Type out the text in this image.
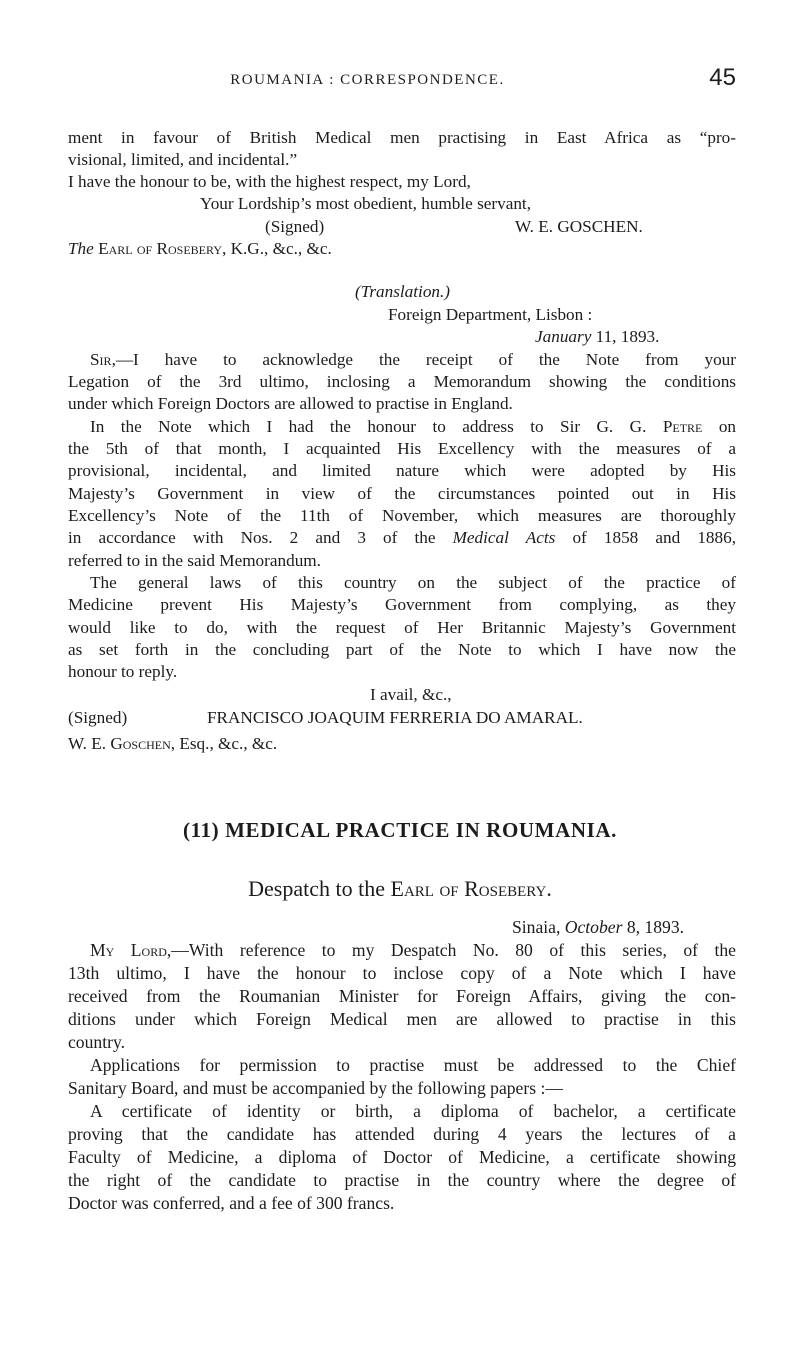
ROUMANIA : CORRESPONDENCE.	45
ment in favour of British Medical men practising in East Africa as “pro-
visional, limited, and incidental.”
I have the honour to be, with the highest respect, my Lord,
Your Lordship’s most obedient, humble servant,
(Signed)	W. E. GOSCHEN.
The Earl of Rosebery, K.G., &c., &c.
(Translation.)
Foreign Department, Lisbon :
January 11, 1893.
Sir,—I have to acknowledge the receipt of the Note from your
Legation of the 3rd ultimo, inclosing a Memorandum showing the conditions
under which Foreign Doctors are allowed to practise in England.
In the Note which I had the honour to address to Sir G. G. Petre on
the 5th of that month, I acquainted His Excellency with the measures of a
provisional, incidental, and limited nature which were adopted by His
Majesty’s Government in view of the circumstances pointed out in His
Excellency’s Note of the 11th of November, which measures are thoroughly
in accordance with Nos. 2 and 3 of the Medical Acts of 1858 and 1886,
referred to in the said Memorandum.
The general laws of this country on the subject of the practice of
Medicine prevent His Majesty’s Government from complying, as they
would like to do, with the request of Her Britannic Majesty’s Government
as set forth in the concluding part of the Note to which I have now the
honour to reply.
I avail, &c.,
(Signed)	FRANCISCO JOAQUIM FERRERIA DO AMARAL.
W. E. Goschen, Esq., &c., &c.
(11) MEDICAL PRACTICE IN ROUMANIA.
Despatch to the Earl of Rosebery.
Sinaia, October 8, 1893.
My Lord,—With reference to my Despatch No. 80 of this series, of the
13th ultimo, I have the honour to inclose copy of a Note which I have
received from the Roumanian Minister for Foreign Affairs, giving the con-
ditions under which Foreign Medical men are allowed to practise in this
country.
Applications for permission to practise must be addressed to the Chief
Sanitary Board, and must be accompanied by the following papers :—
A certificate of identity or birth, a diploma of bachelor, a certificate
proving that the candidate has attended during 4 years the lectures of a
Faculty of Medicine, a diploma of Doctor of Medicine, a certificate showing
the right of the candidate to practise in the country where the degree of
Doctor was conferred, and a fee of 300 francs.
